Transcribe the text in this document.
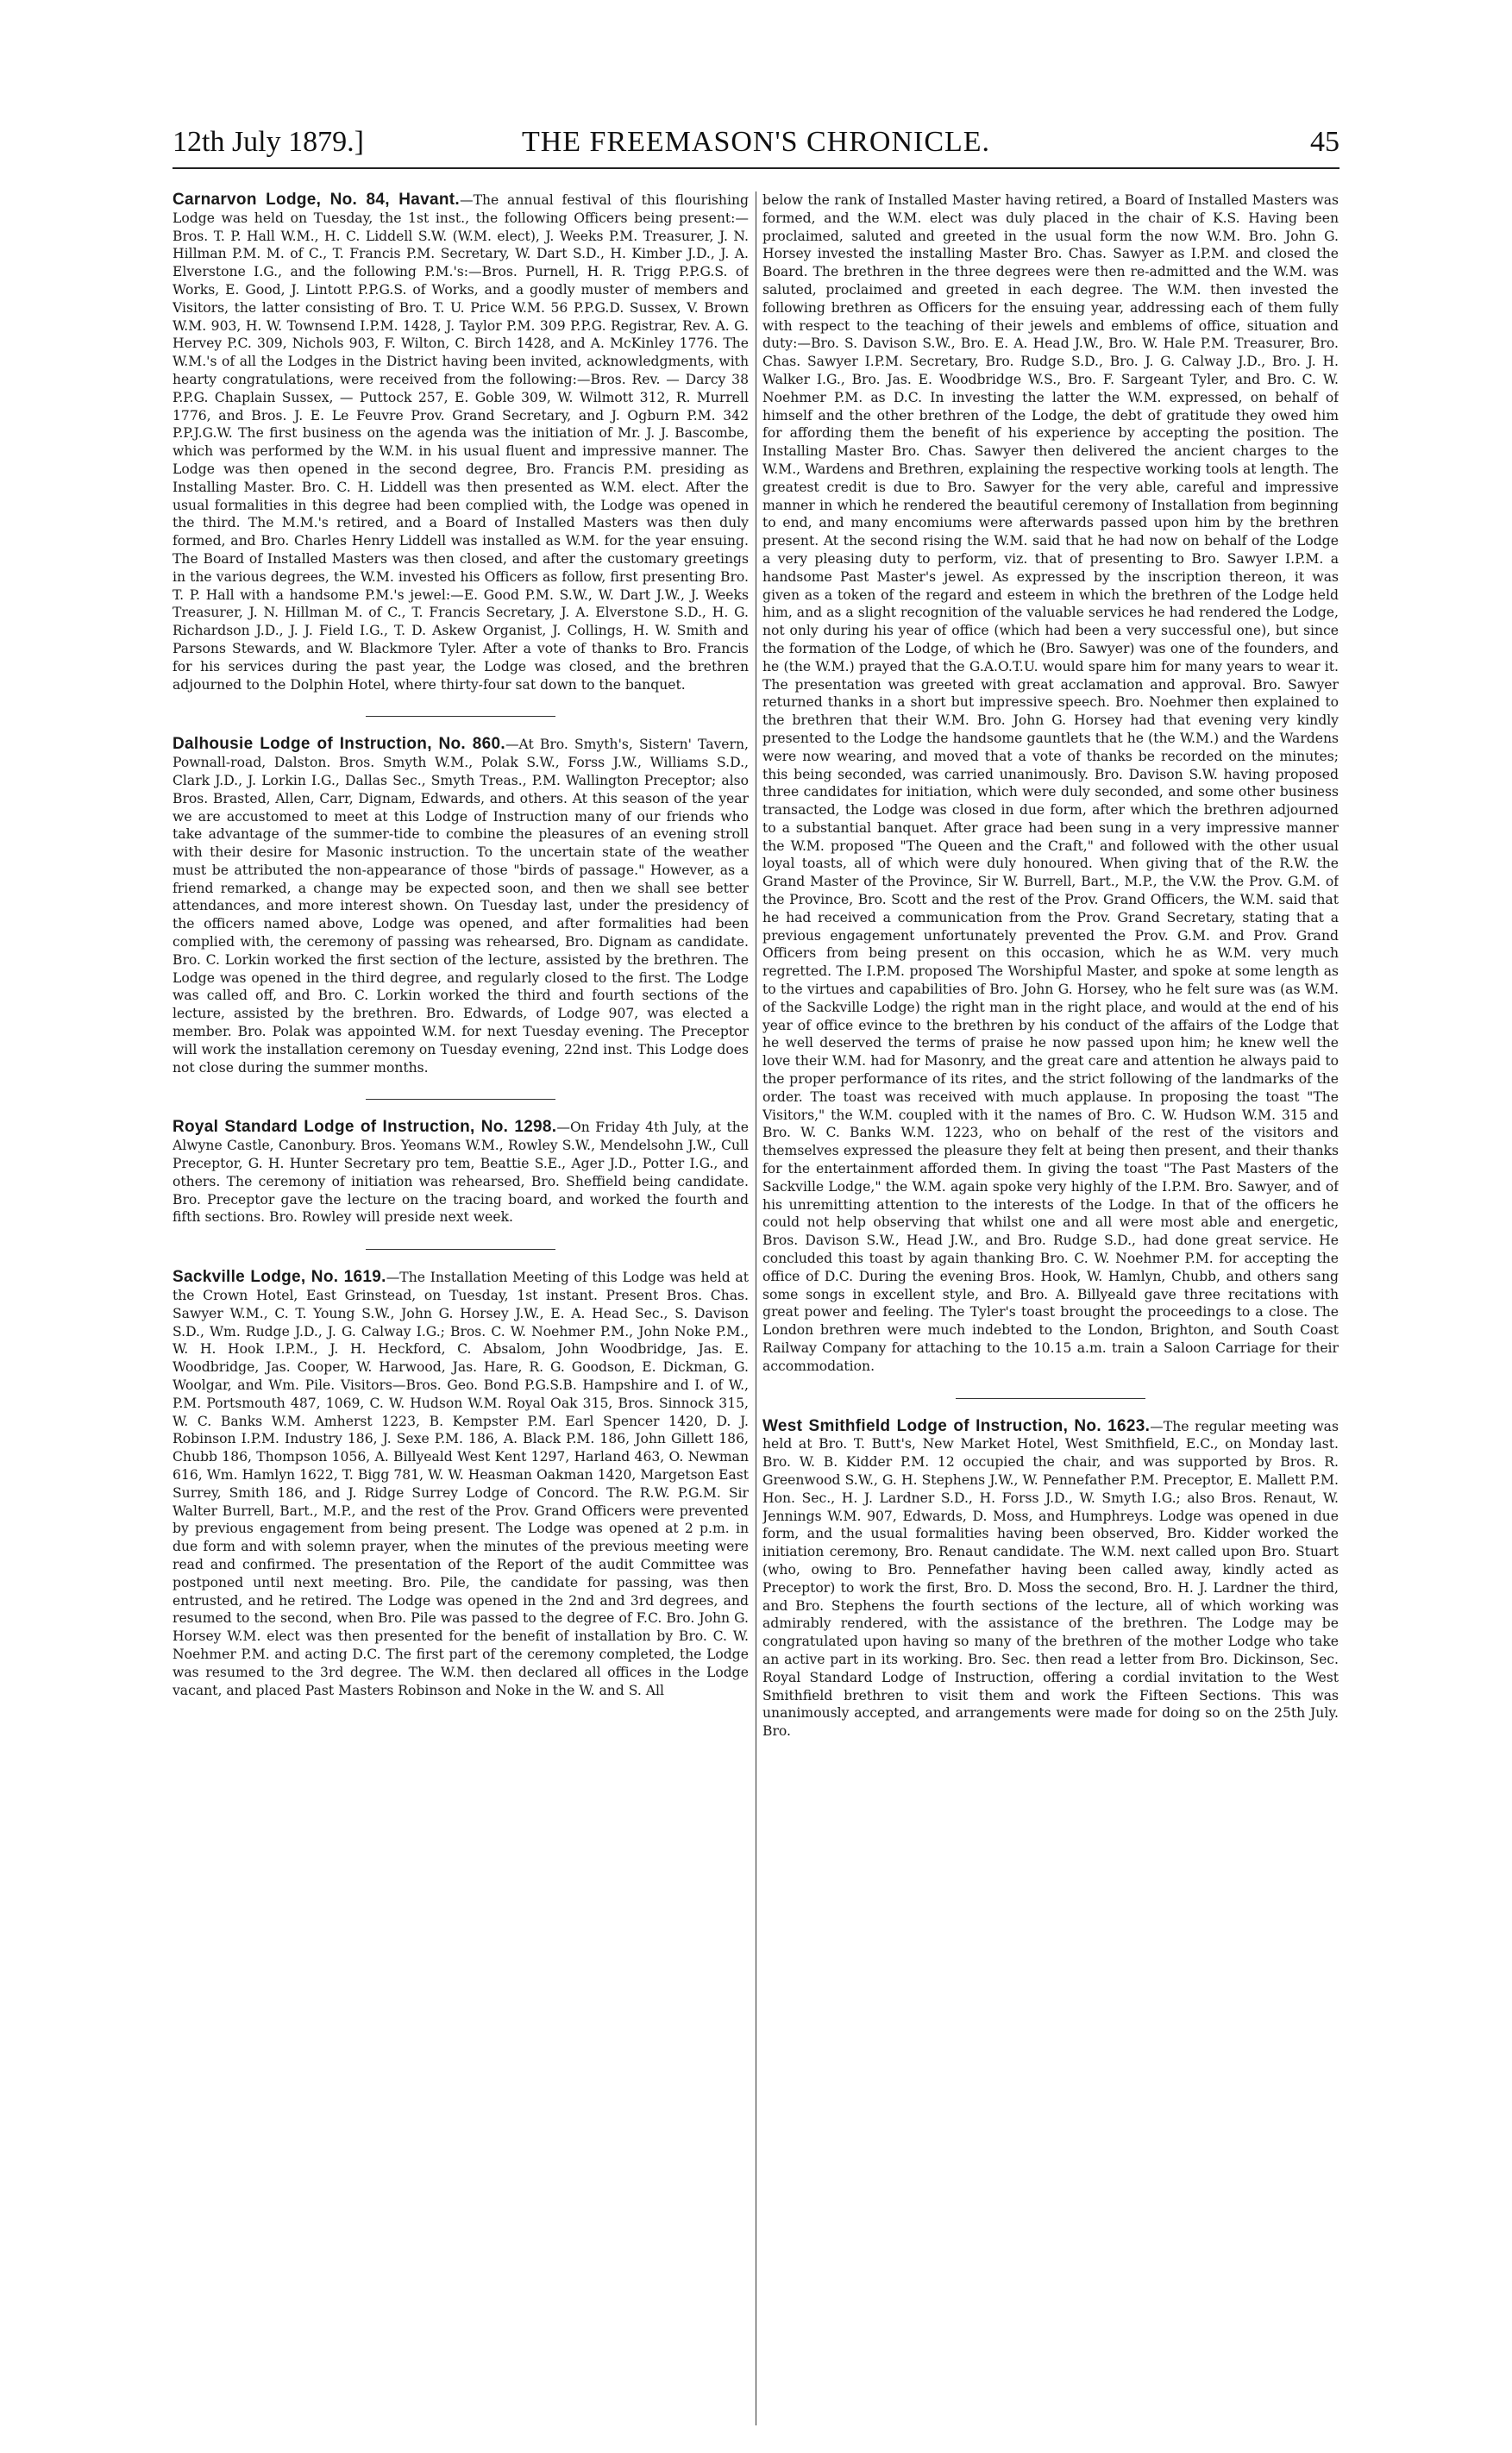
12th July 1879.]	THE FREEMASON'S CHRONICLE.	45

Carnarvon Lodge, No. 84, Havant.—The annual festival of this flourishing Lodge was held on Tuesday, the 1st inst., the following Officers being present:—Bros. T. P. Hall W.M., H. C. Liddell S.W. (W.M. elect), J. Weeks P.M. Treasurer, J. N. Hillman P.M. M. of C., T. Francis P.M. Secretary, W. Dart S.D., H. Kimber J.D., J. A. Elverstone I.G., and the following P.M.'s:—Bros. Purnell, H. R. Trigg P.P.G.S. of Works, E. Good, J. Lintott P.P.G.S. of Works, and a goodly muster of members and Visitors, the latter consisting of Bro. T. U. Price W.M. 56 P.P.G.D. Sussex, V. Brown W.M. 903, H. W. Townsend I.P.M. 1428, J. Taylor P.M. 309 P.P.G. Registrar, Rev. A. G. Hervey P.C. 309, Nichols 903, F. Wilton, C. Birch 1428, and A. McKinley 1776. The W.M.'s of all the Lodges in the District having been invited, acknowledgments, with hearty congratulations, were received from the following:—Bros. Rev. — Darcy 38 P.P.G. Chaplain Sussex, — Puttock 257, E. Goble 309, W. Wilmott 312, R. Murrell 1776, and Bros. J. E. Le Feuvre Prov. Grand Secretary, and J. Ogburn P.M. 342 P.P.J.G.W. The first business on the agenda was the initiation of Mr. J. J. Bascombe, which was performed by the W.M. in his usual fluent and impressive manner. The Lodge was then opened in the second degree, Bro. Francis P.M. presiding as Installing Master. Bro. C. H. Liddell was then presented as W.M. elect. After the usual formalities in this degree had been complied with, the Lodge was opened in the third. The M.M.'s retired, and a Board of Installed Masters was then duly formed, and Bro. Charles Henry Liddell was installed as W.M. for the year ensuing. The Board of Installed Masters was then closed, and after the customary greetings in the various degrees, the W.M. invested his Officers as follow, first presenting Bro. T. P. Hall with a handsome P.M.'s jewel:—E. Good P.M. S.W., W. Dart J.W., J. Weeks Treasurer, J. N. Hillman M. of C., T. Francis Secretary, J. A. Elverstone S.D., H. G. Richardson J.D., J. J. Field I.G., T. D. Askew Organist, J. Collings, H. W. Smith and Parsons Stewards, and W. Blackmore Tyler. After a vote of thanks to Bro. Francis for his services during the past year, the Lodge was closed, and the brethren adjourned to the Dolphin Hotel, where thirty-four sat down to the banquet.

Dalhousie Lodge of Instruction, No. 860.—At Bro. Smyth's, Sistern' Tavern, Pownall-road, Dalston. Bros. Smyth W.M., Polak S.W., Forss J.W., Williams S.D., Clark J.D., J. Lorkin I.G., Dallas Sec., Smyth Treas., P.M. Wallington Preceptor; also Bros. Brasted, Allen, Carr, Dignam, Edwards, and others. At this season of the year we are accustomed to meet at this Lodge of Instruction many of our friends who take advantage of the summer-tide to combine the pleasures of an evening stroll with their desire for Masonic instruction. To the uncertain state of the weather must be attributed the non-appearance of those "birds of passage." However, as a friend remarked, a change may be expected soon, and then we shall see better attendances, and more interest shown. On Tuesday last, under the presidency of the officers named above, Lodge was opened, and after formalities had been complied with, the ceremony of passing was rehearsed, Bro. Dignam as candidate. Bro. C. Lorkin worked the first section of the lecture, assisted by the brethren. The Lodge was opened in the third degree, and regularly closed to the first. The Lodge was called off, and Bro. C. Lorkin worked the third and fourth sections of the lecture, assisted by the brethren. Bro. Edwards, of Lodge 907, was elected a member. Bro. Polak was appointed W.M. for next Tuesday evening. The Preceptor will work the installation ceremony on Tuesday evening, 22nd inst. This Lodge does not close during the summer months.

Royal Standard Lodge of Instruction, No. 1298.—On Friday 4th July, at the Alwyne Castle, Canonbury. Bros. Yeomans W.M., Rowley S.W., Mendelsohn J.W., Cull Preceptor, G. H. Hunter Secretary pro tem, Beattie S.E., Ager J.D., Potter I.G., and others. The ceremony of initiation was rehearsed, Bro. Sheffield being candidate. Bro. Preceptor gave the lecture on the tracing board, and worked the fourth and fifth sections. Bro. Rowley will preside next week.

Sackville Lodge, No. 1619.—The Installation Meeting of this Lodge was held at the Crown Hotel, East Grinstead, on Tuesday, 1st instant. Present Bros. Chas. Sawyer W.M., C. T. Young S.W., John G. Horsey J.W., E. A. Head Sec., S. Davison S.D., Wm. Rudge J.D., J. G. Calway I.G.; Bros. C. W. Noehmer P.M., John Noke P.M., W. H. Hook I.P.M., J. H. Heckford, C. Absalom, John Woodbridge, Jas. E. Woodbridge, Jas. Cooper, W. Harwood, Jas. Hare, R. G. Goodson, E. Dickman, G. Woolgar, and Wm. Pile. Visitors—Bros. Geo. Bond P.G.S.B. Hampshire and I. of W., P.M. Portsmouth 487, 1069, C. W. Hudson W.M. Royal Oak 315, Bros. Sinnock 315, W. C. Banks W.M. Amherst 1223, B. Kempster P.M. Earl Spencer 1420, D. J. Robinson I.P.M. Industry 186, J. Sexe P.M. 186, A. Black P.M. 186, John Gillett 186, Chubb 186, Thompson 1056, A. Billyeald West Kent 1297, Harland 463, O. Newman 616, Wm. Hamlyn 1622, T. Bigg 781, W. W. Heasman Oakman 1420, Margetson East Surrey, Smith 186, and J. Ridge Surrey Lodge of Concord. The R.W. P.G.M. Sir Walter Burrell, Bart., M.P., and the rest of the Prov. Grand Officers were prevented by previous engagement from being present. The Lodge was opened at 2 p.m. in due form and with solemn prayer, when the minutes of the previous meeting were read and confirmed. The presentation of the Report of the audit Committee was postponed until next meeting. Bro. Pile, the candidate for passing, was then entrusted, and he retired. The Lodge was opened in the 2nd and 3rd degrees, and resumed to the second, when Bro. Pile was passed to the degree of F.C. Bro. John G. Horsey W.M. elect was then presented for the benefit of installation by Bro. C. W. Noehmer P.M. and acting D.C. The first part of the ceremony completed, the Lodge was resumed to the 3rd degree. The W.M. then declared all offices in the Lodge vacant, and placed Past Masters Robinson and Noke in the W. and S. All

below the rank of Installed Master having retired, a Board of Installed Masters was formed, and the W.M. elect was duly placed in the chair of K.S. Having been proclaimed, saluted and greeted in the usual form the now W.M. Bro. John G. Horsey invested the installing Master Bro. Chas. Sawyer as I.P.M. and closed the Board. The brethren in the three degrees were then re-admitted and the W.M. was saluted, proclaimed and greeted in each degree. The W.M. then invested the following brethren as Officers for the ensuing year, addressing each of them fully with respect to the teaching of their jewels and emblems of office, situation and duty:—Bro. S. Davison S.W., Bro. E. A. Head J.W., Bro. W. Hale P.M. Treasurer, Bro. Chas. Sawyer I.P.M. Secretary, Bro. Rudge S.D., Bro. J. G. Calway J.D., Bro. J. H. Walker I.G., Bro. Jas. E. Woodbridge W.S., Bro. F. Sargeant Tyler, and Bro. C. W. Noehmer P.M. as D.C. In investing the latter the W.M. expressed, on behalf of himself and the other brethren of the Lodge, the debt of gratitude they owed him for affording them the benefit of his experience by accepting the position. The Installing Master Bro. Chas. Sawyer then delivered the ancient charges to the W.M., Wardens and Brethren, explaining the respective working tools at length. The greatest credit is due to Bro. Sawyer for the very able, careful and impressive manner in which he rendered the beautiful ceremony of Installation from beginning to end, and many encomiums were afterwards passed upon him by the brethren present. At the second rising the W.M. said that he had now on behalf of the Lodge a very pleasing duty to perform, viz. that of presenting to Bro. Sawyer I.P.M. a handsome Past Master's jewel. As expressed by the inscription thereon, it was given as a token of the regard and esteem in which the brethren of the Lodge held him, and as a slight recognition of the valuable services he had rendered the Lodge, not only during his year of office (which had been a very successful one), but since the formation of the Lodge, of which he (Bro. Sawyer) was one of the founders, and he (the W.M.) prayed that the G.A.O.T.U. would spare him for many years to wear it. The presentation was greeted with great acclamation and approval. Bro. Sawyer returned thanks in a short but impressive speech. Bro. Noehmer then explained to the brethren that their W.M. Bro. John G. Horsey had that evening very kindly presented to the Lodge the handsome gauntlets that he (the W.M.) and the Wardens were now wearing, and moved that a vote of thanks be recorded on the minutes; this being seconded, was carried unanimously. Bro. Davison S.W. having proposed three candidates for initiation, which were duly seconded, and some other business transacted, the Lodge was closed in due form, after which the brethren adjourned to a substantial banquet. After grace had been sung in a very impressive manner the W.M. proposed "The Queen and the Craft," and followed with the other usual loyal toasts, all of which were duly honoured. When giving that of the R.W. the Grand Master of the Province, Sir W. Burrell, Bart., M.P., the V.W. the Prov. G.M. of the Province, Bro. Scott and the rest of the Prov. Grand Officers, the W.M. said that he had received a communication from the Prov. Grand Secretary, stating that a previous engagement unfortunately prevented the Prov. G.M. and Prov. Grand Officers from being present on this occasion, which he as W.M. very much regretted. The I.P.M. proposed The Worshipful Master, and spoke at some length as to the virtues and capabilities of Bro. John G. Horsey, who he felt sure was (as W.M. of the Sackville Lodge) the right man in the right place, and would at the end of his year of office evince to the brethren by his conduct of the affairs of the Lodge that he well deserved the terms of praise he now passed upon him; he knew well the love their W.M. had for Masonry, and the great care and attention he always paid to the proper performance of its rites, and the strict following of the landmarks of the order. The toast was received with much applause. In proposing the toast "The Visitors," the W.M. coupled with it the names of Bro. C. W. Hudson W.M. 315 and Bro. W. C. Banks W.M. 1223, who on behalf of the rest of the visitors and themselves expressed the pleasure they felt at being then present, and their thanks for the entertainment afforded them. In giving the toast "The Past Masters of the Sackville Lodge," the W.M. again spoke very highly of the I.P.M. Bro. Sawyer, and of his unremitting attention to the interests of the Lodge. In that of the officers he could not help observing that whilst one and all were most able and energetic, Bros. Davison S.W., Head J.W., and Bro. Rudge S.D., had done great service. He concluded this toast by again thanking Bro. C. W. Noehmer P.M. for accepting the office of D.C. During the evening Bros. Hook, W. Hamlyn, Chubb, and others sang some songs in excellent style, and Bro. A. Billyeald gave three recitations with great power and feeling. The Tyler's toast brought the proceedings to a close. The London brethren were much indebted to the London, Brighton, and South Coast Railway Company for attaching to the 10.15 a.m. train a Saloon Carriage for their accommodation.

West Smithfield Lodge of Instruction, No. 1623.—The regular meeting was held at Bro. T. Butt's, New Market Hotel, West Smithfield, E.C., on Monday last. Bro. W. B. Kidder P.M. 12 occupied the chair, and was supported by Bros. R. Greenwood S.W., G. H. Stephens J.W., W. Pennefather P.M. Preceptor, E. Mallett P.M. Hon. Sec., H. J. Lardner S.D., H. Forss J.D., W. Smyth I.G.; also Bros. Renaut, W. Jennings W.M. 907, Edwards, D. Moss, and Humphreys. Lodge was opened in due form, and the usual formalities having been observed, Bro. Kidder worked the initiation ceremony, Bro. Renaut candidate. The W.M. next called upon Bro. Stuart (who, owing to Bro. Pennefather having been called away, kindly acted as Preceptor) to work the first, Bro. D. Moss the second, Bro. H. J. Lardner the third, and Bro. Stephens the fourth sections of the lecture, all of which working was admirably rendered, with the assistance of the brethren. The Lodge may be congratulated upon having so many of the brethren of the mother Lodge who take an active part in its working. Bro. Sec. then read a letter from Bro. Dickinson, Sec. Royal Standard Lodge of Instruction, offering a cordial invitation to the West Smithfield brethren to visit them and work the Fifteen Sections. This was unanimously accepted, and arrangements were made for doing so on the 25th July. Bro.
